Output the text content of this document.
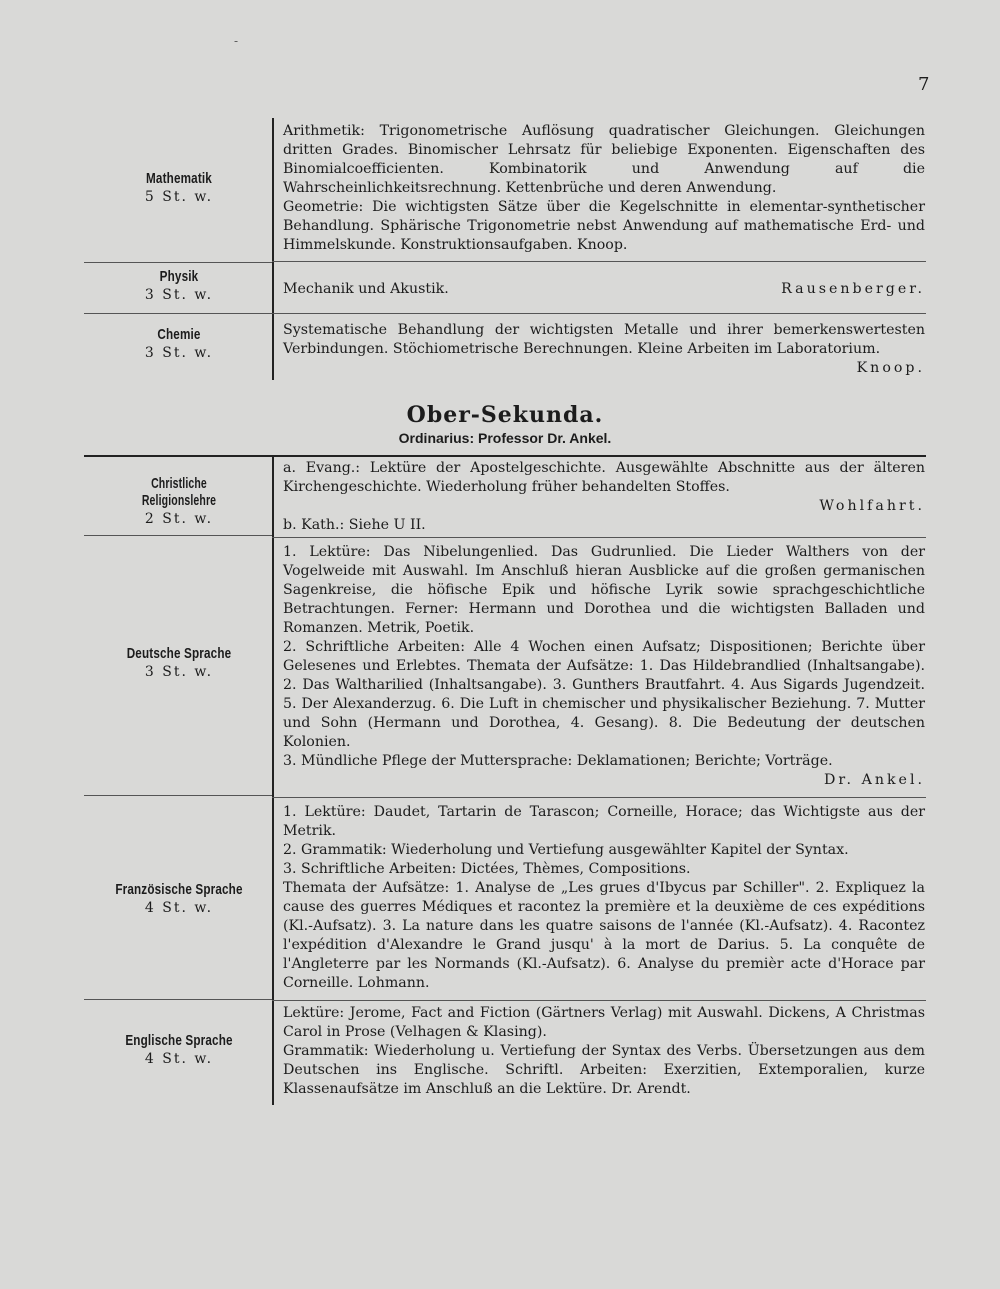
-
7
Mathematik
5 St. w.

Arithmetik: Trigonometrische Auflösung quadratischer Gleichungen. Gleichungen dritten Grades. Binomischer Lehrsatz für beliebige Exponenten. Eigenschaften des Binomialcoefficienten. Kombinatorik und Anwendung auf die Wahrscheinlichkeitsrechnung. Kettenbrüche und deren Anwendung.

Geometrie: Die wichtigsten Sätze über die Kegelschnitte in elementar-synthetischer Behandlung. Sphärische Trigonometrie nebst Anwendung auf mathematische Erd- und Himmelskunde. Konstruktionsaufgaben. Knoop.

Physik
3 St. w.	Mechanik und Akustik.	Rausenberger.

Chemie
3 St. w.

Systematische Behandlung der wichtigsten Metalle und ihrer bemerkenswertesten Verbindungen. Stöchiometrische Berechnungen. Kleine Arbeiten im Laboratorium.

Knoop.

Ober-Sekunda.
Ordinarius: Professor Dr. Ankel.
Christliche Religionslehre
2 St. w.

a. Evang.: Lektüre der Apostelgeschichte. Ausgewählte Abschnitte aus der älteren Kirchengeschichte. Wiederholung früher behandelten Stoffes.

Wohlfahrt.

b. Kath.: Siehe U II.

Deutsche Sprache
3 St. w.

1. Lektüre: Das Nibelungenlied. Das Gudrunlied. Die Lieder Walthers von der Vogelweide mit Auswahl. Im Anschluß hieran Ausblicke auf die großen germanischen Sagenkreise, die höfische Epik und höfische Lyrik sowie sprachgeschichtliche Betrachtungen. Ferner: Hermann und Dorothea und die wichtigsten Balladen und Romanzen. Metrik, Poetik.

2. Schriftliche Arbeiten: Alle 4 Wochen einen Aufsatz; Dispositionen; Berichte über Gelesenes und Erlebtes. Themata der Aufsätze: 1. Das Hildebrandlied (Inhaltsangabe). 2. Das Waltharilied (Inhaltsangabe). 3. Gunthers Brautfahrt. 4. Aus Sigards Jugendzeit. 5. Der Alexanderzug. 6. Die Luft in chemischer und physikalischer Beziehung. 7. Mutter und Sohn (Hermann und Dorothea, 4. Gesang). 8. Die Bedeutung der deutschen Kolonien.

3. Mündliche Pflege der Muttersprache: Deklamationen; Berichte; Vorträge.

Dr. Ankel.

Französische Sprache
4 St. w.

1. Lektüre: Daudet, Tartarin de Tarascon; Corneille, Horace; das Wichtigste aus der Metrik.

2. Grammatik: Wiederholung und Vertiefung ausgewählter Kapitel der Syntax.

3. Schriftliche Arbeiten: Dictées, Thèmes, Compositions.

Themata der Aufsätze: 1. Analyse de „Les grues d'Ibycus par Schiller". 2. Expliquez la cause des guerres Médiques et racontez la première et la deuxième de ces expéditions (Kl.-Aufsatz). 3. La nature dans les quatre saisons de l'année (Kl.-Aufsatz). 4. Racontez l'expédition d'Alexandre le Grand jusqu' à la mort de Darius. 5. La conquête de l'Angleterre par les Normands (Kl.-Aufsatz). 6. Analyse du premièr acte d'Horace par Corneille. Lohmann.

Englische Sprache
4 St. w.

Lektüre: Jerome, Fact and Fiction (Gärtners Verlag) mit Auswahl. Dickens, A Christmas Carol in Prose (Velhagen & Klasing).

Grammatik: Wiederholung u. Vertiefung der Syntax des Verbs. Übersetzungen aus dem Deutschen ins Englische. Schriftl. Arbeiten: Exerzitien, Extemporalien, kurze Klassenaufsätze im Anschluß an die Lektüre. Dr. Arendt.
